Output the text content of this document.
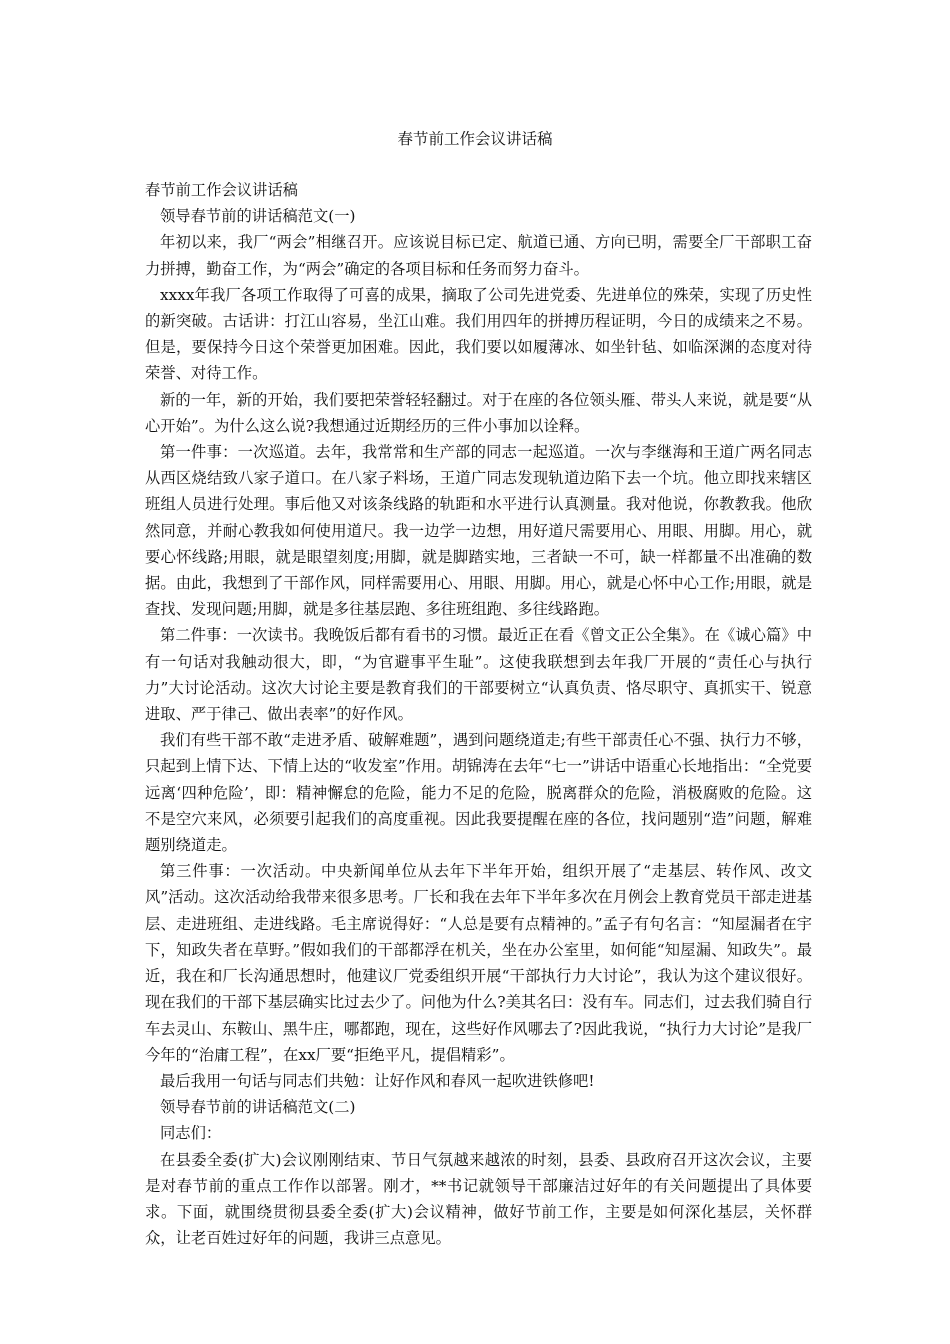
春节前工作会议讲话稿

春节前工作会议讲话稿

领导春节前的讲话稿范文(一)

年初以来，我厂“两会”相继召开。应该说目标已定、航道已通、方向已明，需要全厂干部职工奋力拼搏，勤奋工作，为“两会”确定的各项目标和任务而努力奋斗。

xxxx年我厂各项工作取得了可喜的成果，摘取了公司先进党委、先进单位的殊荣，实现了历史性的新突破。古话讲：打江山容易，坐江山难。我们用四年的拼搏历程证明，今日的成绩来之不易。但是，要保持今日这个荣誉更加困难。因此，我们要以如履薄冰、如坐针毡、如临深渊的态度对待荣誉、对待工作。

新的一年，新的开始，我们要把荣誉轻轻翻过。对于在座的各位领头雁、带头人来说，就是要“从心开始”。为什么这么说?我想通过近期经历的三件小事加以诠释。

第一件事：一次巡道。去年，我常常和生产部的同志一起巡道。一次与李继海和王道广两名同志从西区烧结致八家子道口。在八家子料场，王道广同志发现轨道边陷下去一个坑。他立即找来辖区班组人员进行处理。事后他又对该条线路的轨距和水平进行认真测量。我对他说，你教教我。他欣然同意，并耐心教我如何使用道尺。我一边学一边想，用好道尺需要用心、用眼、用脚。用心，就要心怀线路;用眼，就是眼望刻度;用脚，就是脚踏实地，三者缺一不可，缺一样都量不出准确的数据。由此，我想到了干部作风，同样需要用心、用眼、用脚。用心，就是心怀中心工作;用眼，就是查找、发现问题;用脚，就是多往基层跑、多往班组跑、多往线路跑。

第二件事：一次读书。我晚饭后都有看书的习惯。最近正在看《曾文正公全集》。在《诚心篇》中有一句话对我触动很大，即，“为官避事平生耻”。这使我联想到去年我厂开展的“责任心与执行力”大讨论活动。这次大讨论主要是教育我们的干部要树立“认真负责、恪尽职守、真抓实干、锐意进取、严于律己、做出表率”的好作风。

我们有些干部不敢“走进矛盾、破解难题”，遇到问题绕道走;有些干部责任心不强、执行力不够，只起到上情下达、下情上达的“收发室”作用。胡锦涛在去年“七一”讲话中语重心长地指出：“全党要远离‘四种危险’，即：精神懈怠的危险，能力不足的危险，脱离群众的危险，消极腐败的危险。这不是空穴来风，必须要引起我们的高度重视。因此我要提醒在座的各位，找问题别“造”问题，解难题别绕道走。

第三件事：一次活动。中央新闻单位从去年下半年开始，组织开展了“走基层、转作风、改文风”活动。这次活动给我带来很多思考。厂长和我在去年下半年多次在月例会上教育党员干部走进基层、走进班组、走进线路。毛主席说得好：“人总是要有点精神的。”孟子有句名言：“知屋漏者在宇下，知政失者在草野。”假如我们的干部都浮在机关，坐在办公室里，如何能“知屋漏、知政失”。最近，我在和厂长沟通思想时，他建议厂党委组织开展“干部执行力大讨论”，我认为这个建议很好。现在我们的干部下基层确实比过去少了。问他为什么?美其名曰：没有车。同志们，过去我们骑自行车去灵山、东鞍山、黑牛庄，哪都跑，现在，这些好作风哪去了?因此我说，“执行力大讨论”是我厂今年的“治庸工程”，在xx厂要“拒绝平凡，提倡精彩”。

最后我用一句话与同志们共勉：让好作风和春风一起吹进铁修吧!

领导春节前的讲话稿范文(二)

同志们：

在县委全委(扩大)会议刚刚结束、节日气氛越来越浓的时刻，县委、县政府召开这次会议，主要是对春节前的重点工作作以部署。刚才，**书记就领导干部廉洁过好年的有关问题提出了具体要求。下面，就围绕贯彻县委全委(扩大)会议精神，做好节前工作，主要是如何深化基层，关怀群众，让老百姓过好年的问题，我讲三点意见。
